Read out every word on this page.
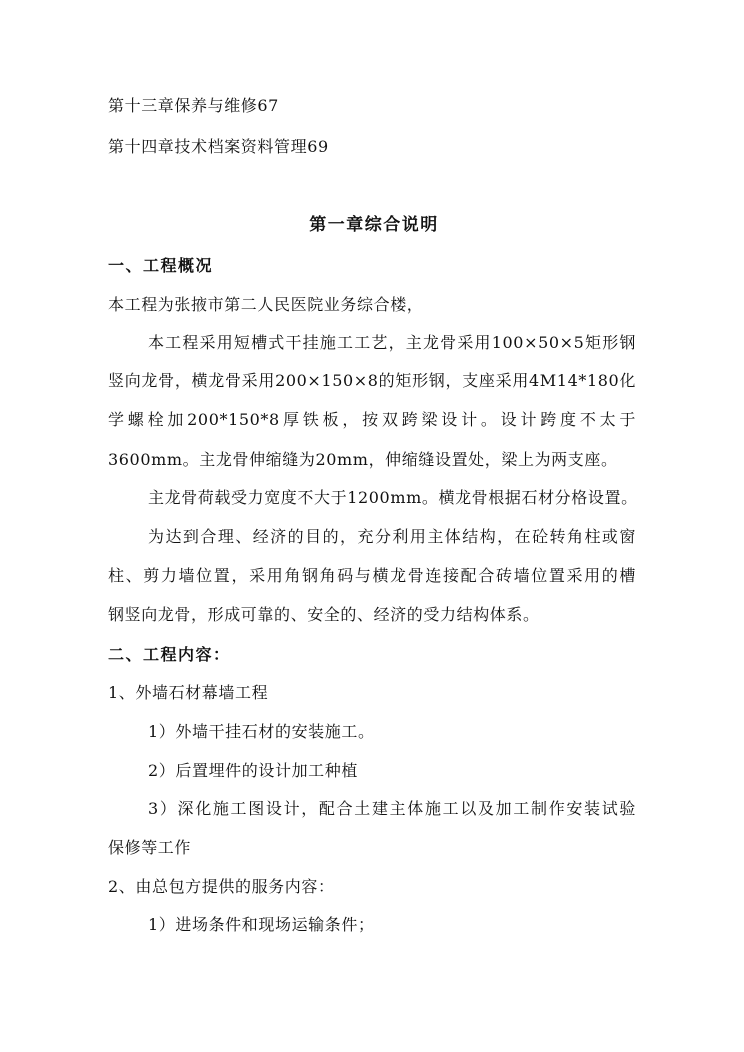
第十三章保养与维修67
第十四章技术档案资料管理69
第一章综合说明
一、工程概况
本工程为张掖市第二人民医院业务综合楼，
本工程采用短槽式干挂施工工艺，主龙骨采用100×50×5矩形钢
竖向龙骨，横龙骨采用200×150×8的矩形钢，支座采用4M14*180化
学螺栓加200*150*8厚铁板，按双跨梁设计。设计跨度不太于
3600mm。主龙骨伸缩缝为20mm，伸缩缝设置处，梁上为两支座。
主龙骨荷载受力宽度不大于1200mm。横龙骨根据石材分格设置。
为达到合理、经济的目的，充分利用主体结构，在砼转角柱或窗
柱、剪力墙位置，采用角钢角码与横龙骨连接配合砖墙位置采用的槽
钢竖向龙骨，形成可靠的、安全的、经济的受力结构体系。
二、工程内容：
1、外墙石材幕墙工程
1）外墙干挂石材的安装施工。
2）后置埋件的设计加工种植
3）深化施工图设计，配合土建主体施工以及加工制作安装试验
保修等工作
2、由总包方提供的服务内容：
1）进场条件和现场运输条件；
